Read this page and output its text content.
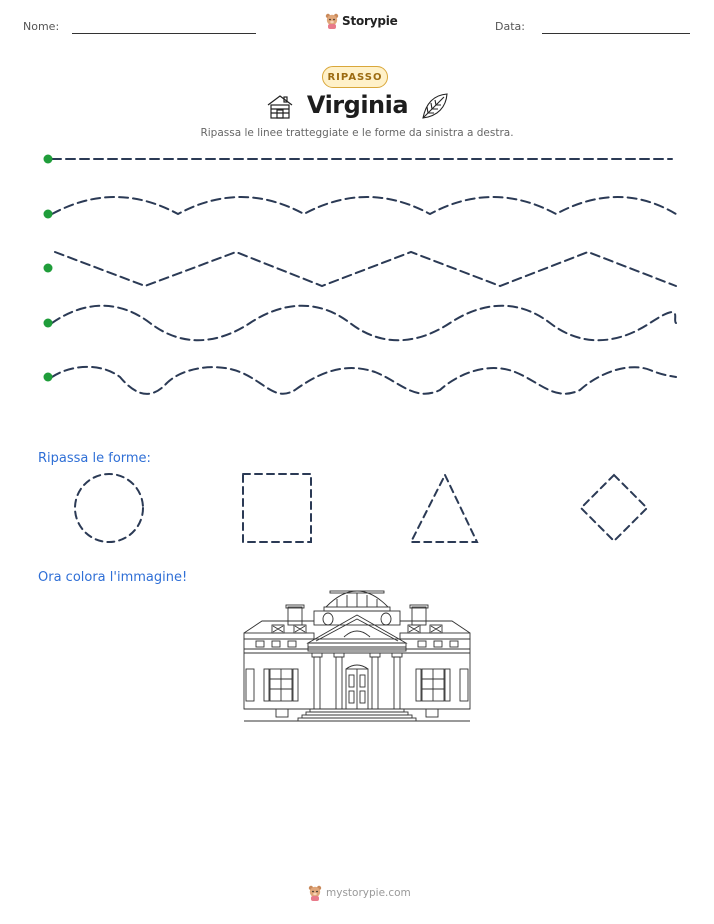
Nome:	Storypie	Data:
RIPASSO
Virginia
Ripassa le linee tratteggiate e le forme da sinistra a destra.
Ripassa le forme:
Ora colora l'immagine!
mystorypie.com
